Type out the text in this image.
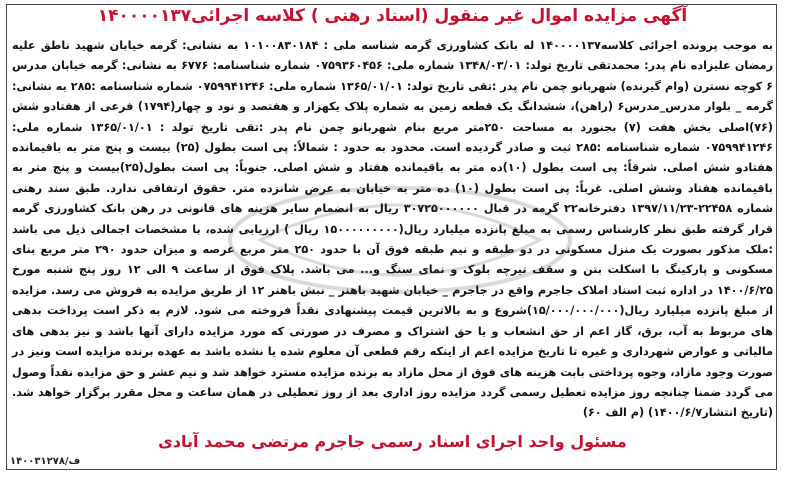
آگهی مزایده اموال غیر منقول (اسناد رهنی ) کلاسه اجرائی۱۴۰۰۰۰۱۳۷

به موجب پرونده اجرائی کلاسه۱۴۰۰۰۰۱۳۷ له بانک کشاورزی گرمه شناسه ملی : ۱۰۱۰۰۸۳۰۱۸۴ به نشانی: گرمه خیابان شهید ناطق علیه رمضان علیزاده نام پدر: محمدتقی تاریخ تولد: ۱۳۴۸/۰۳/۰۱ شماره ملی: ۰۷۵۹۳۶۰۴۵۶ شماره شناسنامه: ۶۷۷۶ به نشانی: گرمه خیابان مدرس ۶ کوچه نسترن (وام گیرنده) شهربانو چمن نام پدر :تقی تاریخ تولد: ۱۳۶۵/۰۱/۰۱ شماره ملی: ۰۷۵۹۹۴۱۲۴۶ شماره شناسنامه :۲۸۵ به نشانی: گرمه _ بلوار مدرس_مدرس۶ (راهن)، ششدانگ یک قطعه زمین به شماره پلاک یکهزار و هفتصد و نود و چهار(۱۷۹۴) فرعی از هفتادو شش (۷۶)اصلی بخش هفت (۷) بجنورد به مساحت ۲۵۰متر مربع بنام شهربانو چمن نام پدر :تقی تاریخ تولد : ۱۳۶۵/۰۱/۰۱ شماره ملی: ۰۷۵۹۹۴۱۲۴۶ شماره شناسنامه :۲۸۵ ثبت و صادر گردیده است. محدود به حدود : شمالاً: پی است بطول (۲۵) بیست و پنج متر به باقیمانده هفتادو شش اصلی. شرقاً: پی است بطول (۱۰)ده متر به باقیمانده هفتاد و شش اصلی. جنوباً: پی است بطول(۲۵)بیست و پنج متر به باقیمانده هفتاد وشش اصلی. غرباً: پی است بطول (۱۰) ده متر به خیابان به عرض شانزده متر. حقوق ارتفاقی ندارد. طبق سند رهنی شماره ۲۲۴۵۸-۱۳۹۷/۱۱/۲۳ دفترخانه۲۲ گرمه در قبال ۳۰۷۲۵۰۰۰۰۰۰ ریال به انضمام سایر هزینه های قانونی در رهن بانک کشاورزی گرمه قرار گرفته طبق نظر کارشناس رسمی به مبلغ پانزده میلیارد ریال(۱۵۰۰۰۰۰۰۰۰۰ ریال ) ارزیابی شده، با مشخصات اجمالی ذیل می باشد :ملک مذکور بصورت یک منزل مسکونی در دو طبقه و نیم طبقه فوق آن با حدود ۲۵۰ متر مربع عرصه و میزان حدود ۲۹۰ متر مربع بنای مسکونی و پارکینگ با اسکلت بتن و سقف تیرچه بلوک و نمای سنگ و... می باشد. پلاک فوق از ساعت ۹ الی ۱۲ روز پنج شنبه مورخ ۱۴۰۰/۶/۲۵ در اداره ثبت اسناد املاک جاجرم واقع در جاجرم _ خیابان شهید باهنر _ نبش باهنر ۱۲ از طریق مزایده به فروش می رسد. مزایده از مبلغ پانزده میلیارد ریال(۱۵/۰۰۰/۰۰۰/۰۰۰)شروع و به بالاترین قیمت پیشنهادی نقداً فروخته می شود. لازم به ذکر است پرداخت بدهی های مربوط به آب، برق، گاز اعم از حق انشعاب و یا حق اشتراک و مصرف در صورتی که مورد مزایده دارای آنها باشد و نیز بدهی های مالیاتی و عوارض شهرداری و غیره تا تاریخ مزایده اعم از اینکه رقم قطعی آن معلوم شده یا نشده باشد به عهده برنده مزایده است ونیز در صورت وجود مازاد، وجوه پرداختی بابت هزینه های فوق از محل مازاد به برنده مزایده مسترد خواهد شد و نیم عشر و حق مزایده نقداً وصول می گردد ضمنا چنانچه روز مزایده تعطیل رسمی گردد مزایده روز اداری بعد از روز تعطیلی در همان ساعت و محل مقرر برگزار خواهد شد. (تاریخ انتشار۱۴۰۰/۶/۷) (م الف ۶۰)

مسئول واحد اجرای اسناد رسمی جاجرم مرتضی محمد آبادی
۱۴۰۰۳۱۲۷۸/ف
